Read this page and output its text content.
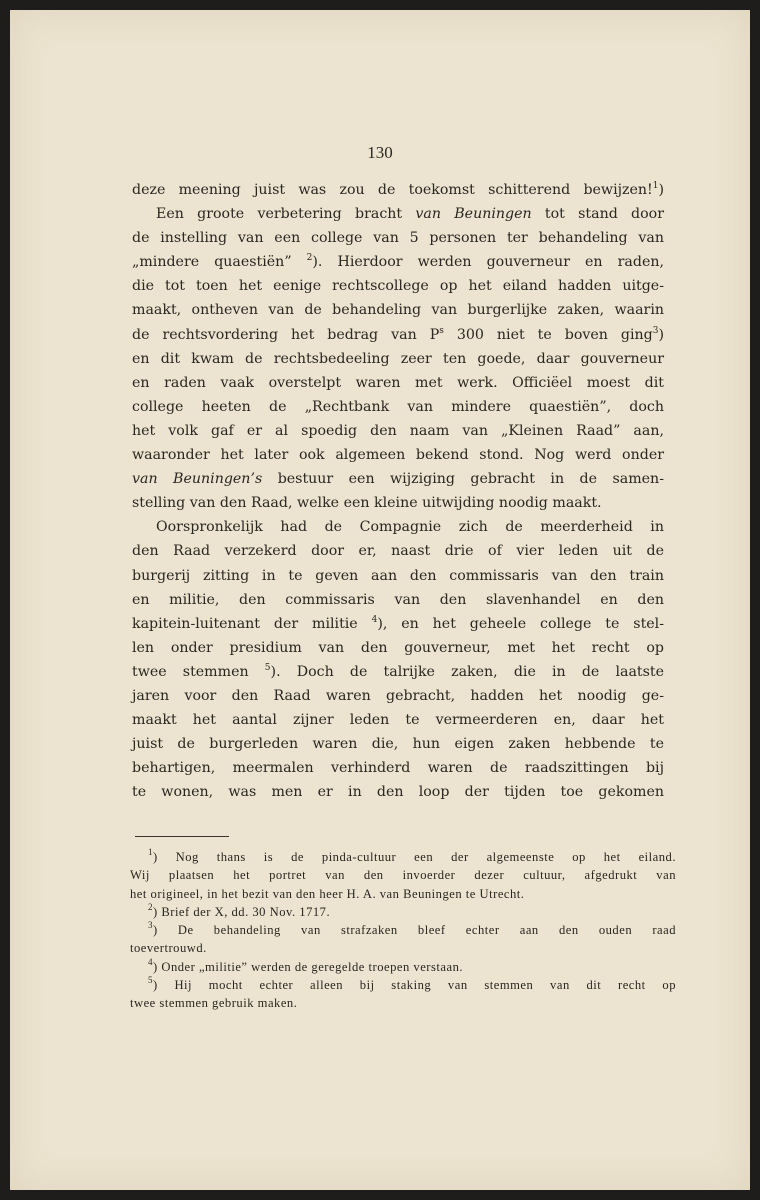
130
deze meening juist was zou de toekomst schitterend bewijzen!$^1$)
Een groote verbetering bracht van Beuningen tot stand door
de instelling van een college van 5 personen ter behandeling van
„mindere quaestiën” $^2$). Hierdoor werden gouverneur en raden,
die tot toen het eenige rechtscollege op het eiland hadden uitge-
maakt, ontheven van de behandeling van burgerlijke zaken, waarin
de rechtsvordering het bedrag van $P^s$ 300 niet te boven ging$^3$)
en dit kwam de rechtsbedeeling zeer ten goede, daar gouverneur
en raden vaak overstelpt waren met werk. Officiëel moest dit
college heeten de „Rechtbank van mindere quaestiën”, doch
het volk gaf er al spoedig den naam van „Kleinen Raad” aan,
waaronder het later ook algemeen bekend stond. Nog werd onder
van Beuningen’s bestuur een wijziging gebracht in de samen-
stelling van den Raad, welke een kleine uitwijding noodig maakt.
Oorspronkelijk had de Compagnie zich de meerderheid in
den Raad verzekerd door er, naast drie of vier leden uit de
burgerij zitting in te geven aan den commissaris van den train
en militie, den commissaris van den slavenhandel en den
kapitein-luitenant der militie $^4$), en het geheele college te stel-
len onder presidium van den gouverneur, met het recht op
twee stemmen $^5$). Doch de talrijke zaken, die in de laatste
jaren voor den Raad waren gebracht, hadden het noodig ge-
maakt het aantal zijner leden te vermeerderen en, daar het
juist de burgerleden waren die, hun eigen zaken hebbende te
behartigen, meermalen verhinderd waren de raadszittingen bij
te wonen, was men er in den loop der tijden toe gekomen
$^1$) Nog thans is de pinda-cultuur een der algemeenste op het eiland.
Wij plaatsen het portret van den invoerder dezer cultuur, afgedrukt van
het origineel, in het bezit van den heer H. A. van Beuningen te Utrecht.
$^2$) Brief der X, dd. 30 Nov. 1717.
$^3$) De behandeling van strafzaken bleef echter aan den ouden raad
toevertrouwd.
$^4$) Onder „militie” werden de geregelde troepen verstaan.
$^5$) Hij mocht echter alleen bij staking van stemmen van dit recht op
twee stemmen gebruik maken.
